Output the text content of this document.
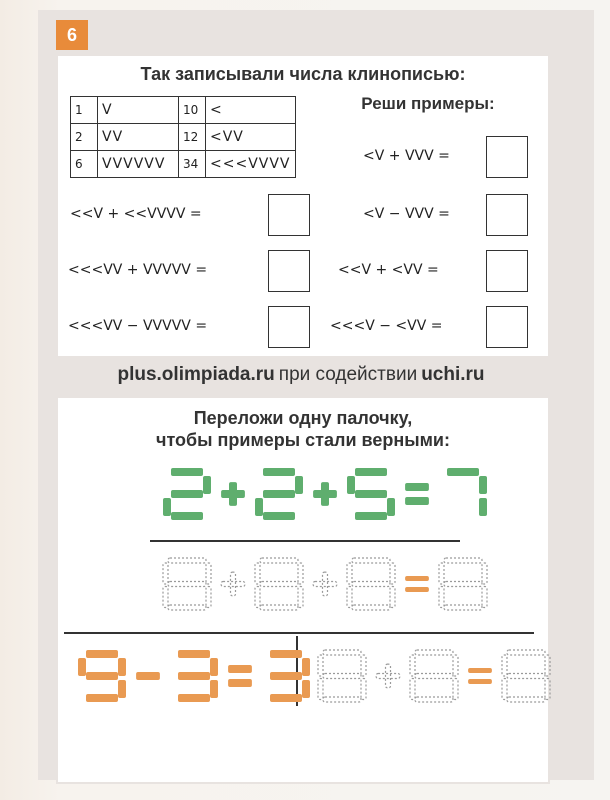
6
Так записывали числа клинописью:
1	V	10	<
2	VV	12	<VV
6	VVVVVV	34	<<<VVVV
Реши примеры:
<V + VVV =
<<V + <<VVVV =	<V − VVV =
<<<VV + VVVVV =	<<V + <VV =
<<<VV − VVVVV =	<<<V − <VV =
plus.olimpiada.ru при содействии uchi.ru
Переложи одну палочку,
чтобы примеры стали верными:
